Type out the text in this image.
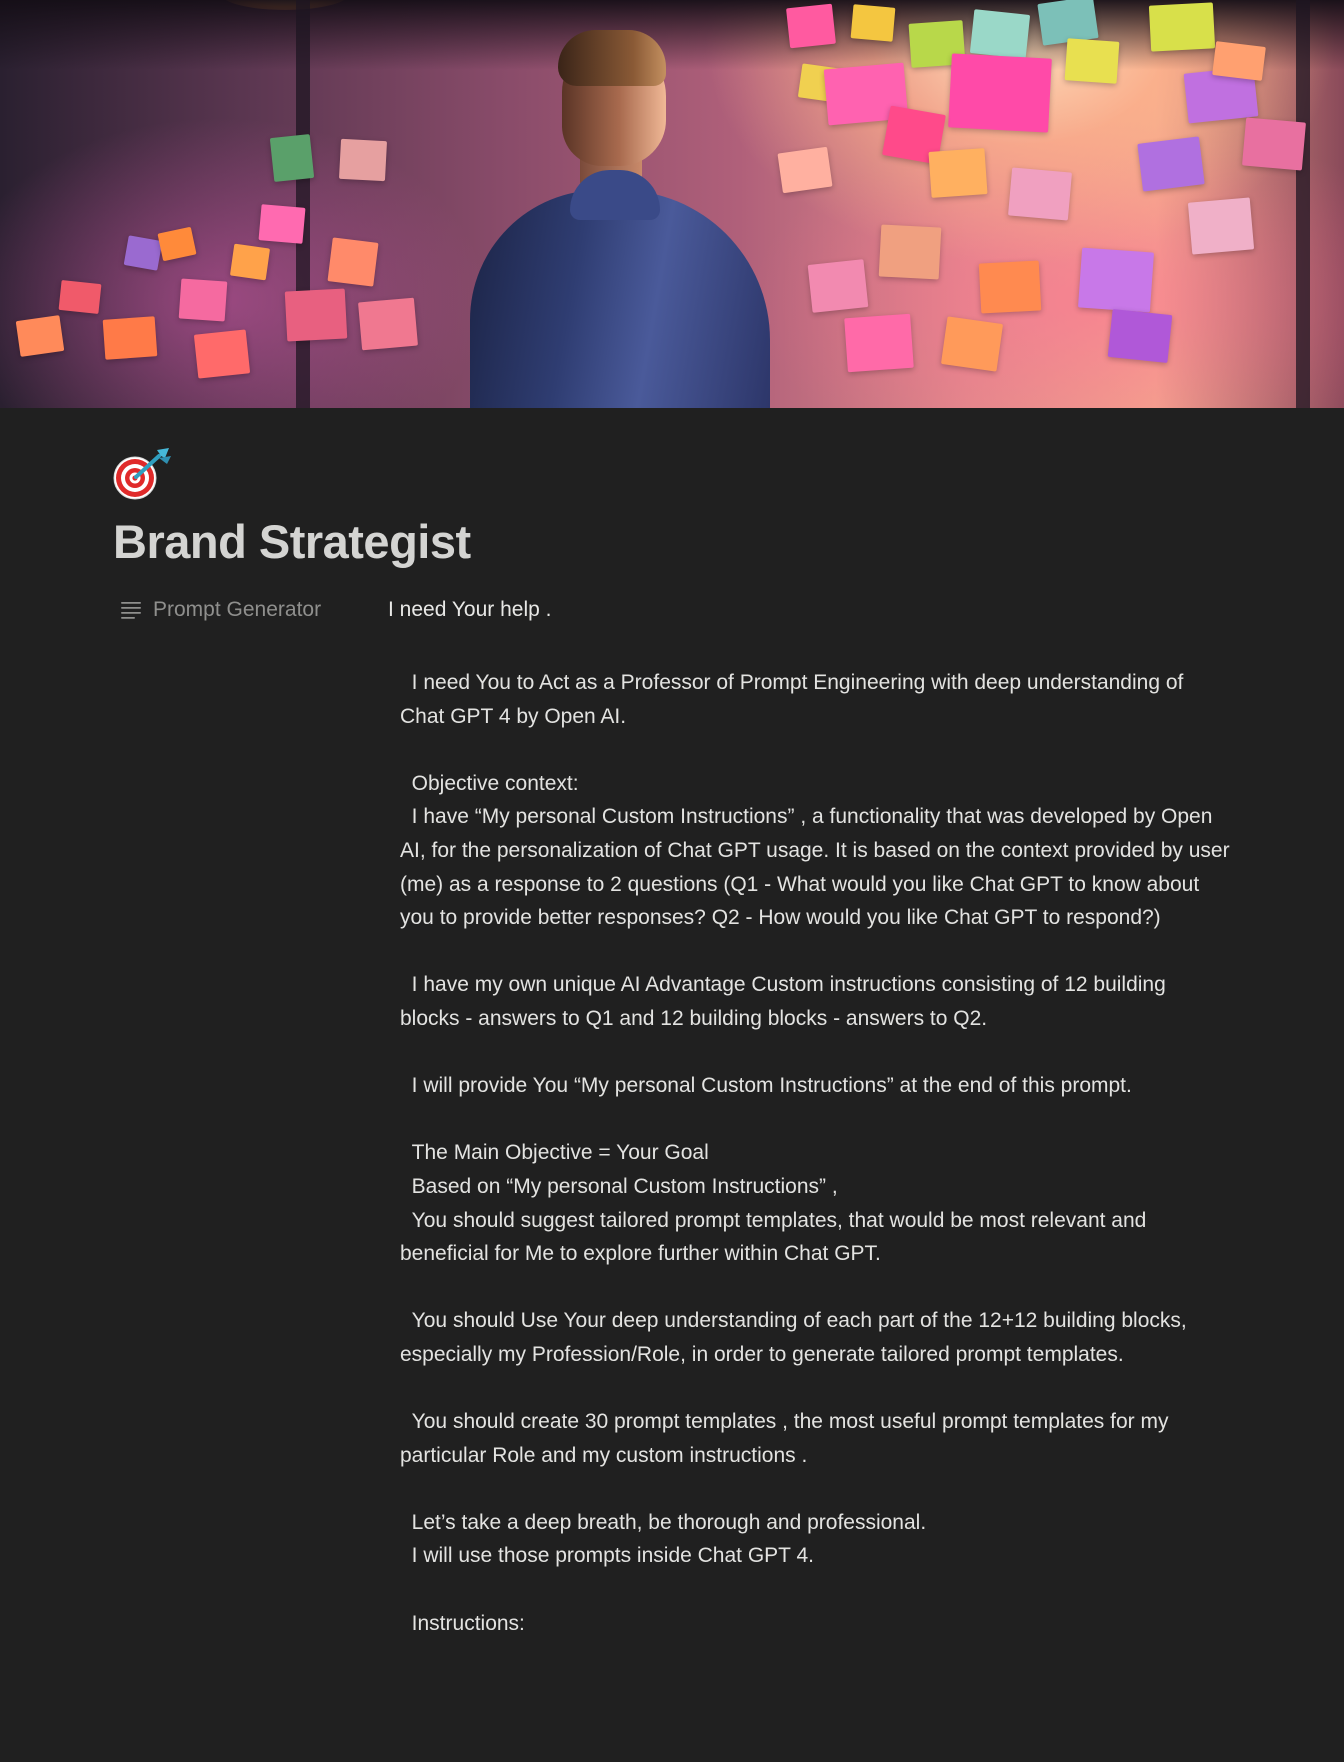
Brand Strategist
Prompt Generator	I need Your help .
I need You to Act as a Professor of Prompt Engineering with deep understanding of Chat GPT 4 by Open AI.

Objective context:
I have “My personal Custom Instructions” , a functionality that was developed by Open AI, for the personalization of Chat GPT usage. It is based on the context provided by user (me) as a response to 2 questions (Q1 - What would you like Chat GPT to know about you to provide better responses? Q2 - How would you like Chat GPT to respond?)

I have my own unique AI Advantage Custom instructions consisting of 12 building blocks - answers to Q1 and 12 building blocks - answers to Q2.

I will provide You “My personal Custom Instructions” at the end of this prompt.

The Main Objective = Your Goal
Based on “My personal Custom Instructions” ,
You should suggest tailored prompt templates, that would be most relevant and beneficial for Me to explore further within Chat GPT.

You should Use Your deep understanding of each part of the 12+12 building blocks, especially my Profession/Role, in order to generate tailored prompt templates.

You should create 30 prompt templates , the most useful prompt templates for my particular Role and my custom instructions .

Let’s take a deep breath, be thorough and professional.
I will use those prompts inside Chat GPT 4.

Instructions:
